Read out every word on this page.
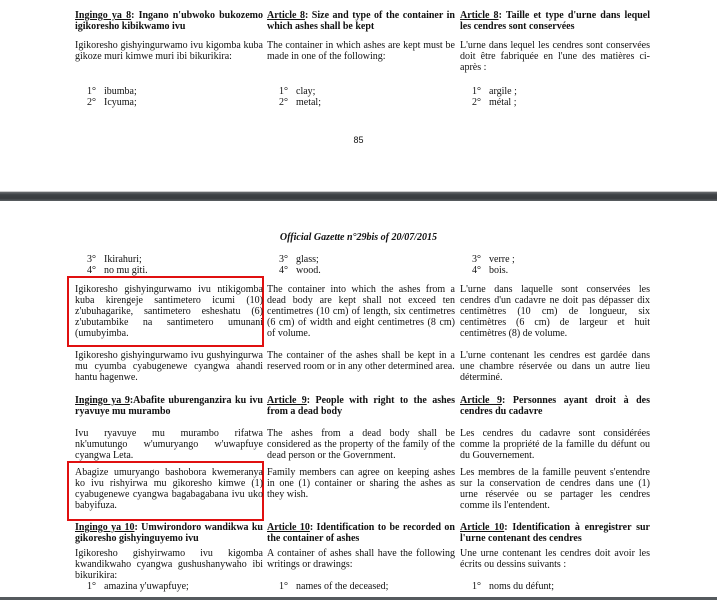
Ingingo ya 8: Ingano n'ubwoko bukozemo igikoresho kibikwamo ivu
Article 8: Size and type of the container in which ashes shall be kept
Article 8: Taille et type d'urne dans lequel les cendres sont conservées
Igikoresho gishyingurwamo ivu kigomba kuba gikoze muri kimwe muri ibi bikurikira:
The container in which ashes are kept must be made in one of the following:
L'urne dans lequel les cendres sont conservées doit être fabriquée en l'une des matières ci-après :
1° ibumba;
2° Icyuma;
1° clay;
2° metal;
1° argile ;
2° métal ;
85
Official Gazette n°29bis of 20/07/2015
3° Ikirahuri;
4° no mu giti.
3° glass;
4° wood.
3° verre ;
4° bois.
Igikoresho gishyingurwamo ivu ntikigomba kuba kirengeje santimetero icumi (10) z'ubuhagarike, santimetero esheshatu (6) z'ubutambike na santimetero umunani (umubyimba.
The container into which the ashes from a dead body are kept shall not exceed ten centimetres (10 cm) of length, six centimetres (6 cm) of width and eight centimetres (8 cm) of volume.
L'urne dans laquelle sont conservées les cendres d'un cadavre ne doit pas dépasser dix centimètres (10 cm) de longueur, six centimètres (6 cm) de largeur et huit centimètres (8) de volume.
Igikoresho gishyingurwamo ivu gushyingurwa mu cyumba cyabugenewe cyangwa ahandi hantu hagenwe.
The container of the ashes shall be kept in a reserved room or in any other determined area.
L'urne contenant les cendres est gardée dans une chambre réservée ou dans un autre lieu déterminé.
Ingingo ya 9:Abafite uburenganzira ku ivu ryavuye mu murambo
Article 9: People with right to the ashes from a dead body
Article 9: Personnes ayant droit à des cendres du cadavre
Ivu ryavuye mu murambo rifatwa nk'umutungo w'umuryango w'uwapfuye cyangwa Leta.
The ashes from a dead body shall be considered as the property of the family of the dead person or the Government.
Les cendres du cadavre sont considérées comme la propriété de la famille du défunt ou du Gouvernement.
Abagize umuryango bashobora kwemeranya ko ivu rishyirwa mu gikoresho kimwe (1) cyabugenewe cyangwa bagabagabana ivu uko babyifuza.
Family members can agree on keeping ashes in one (1) container or sharing the ashes as they wish.
Les membres de la famille peuvent s'entendre sur la conservation de cendres dans une (1) urne réservée ou se partager les cendres comme ils l'entendent.
Ingingo ya 10: Umwirondoro wandikwa ku gikoresho gishyinguyemo ivu
Article 10: Identification to be recorded on the container of ashes
Article 10: Identification à enregistrer sur l'urne contenant des cendres
Igikoresho gishyirwamo ivu kigomba kwandikwaho cyangwa gushushanywaho ibi bikurikira:
1° amazina y'uwapfuye;
A container of ashes shall have the following writings or drawings:
1° names of the deceased;
Une urne contenant les cendres doit avoir les écrits ou dessins suivants :
1° noms du défunt;
